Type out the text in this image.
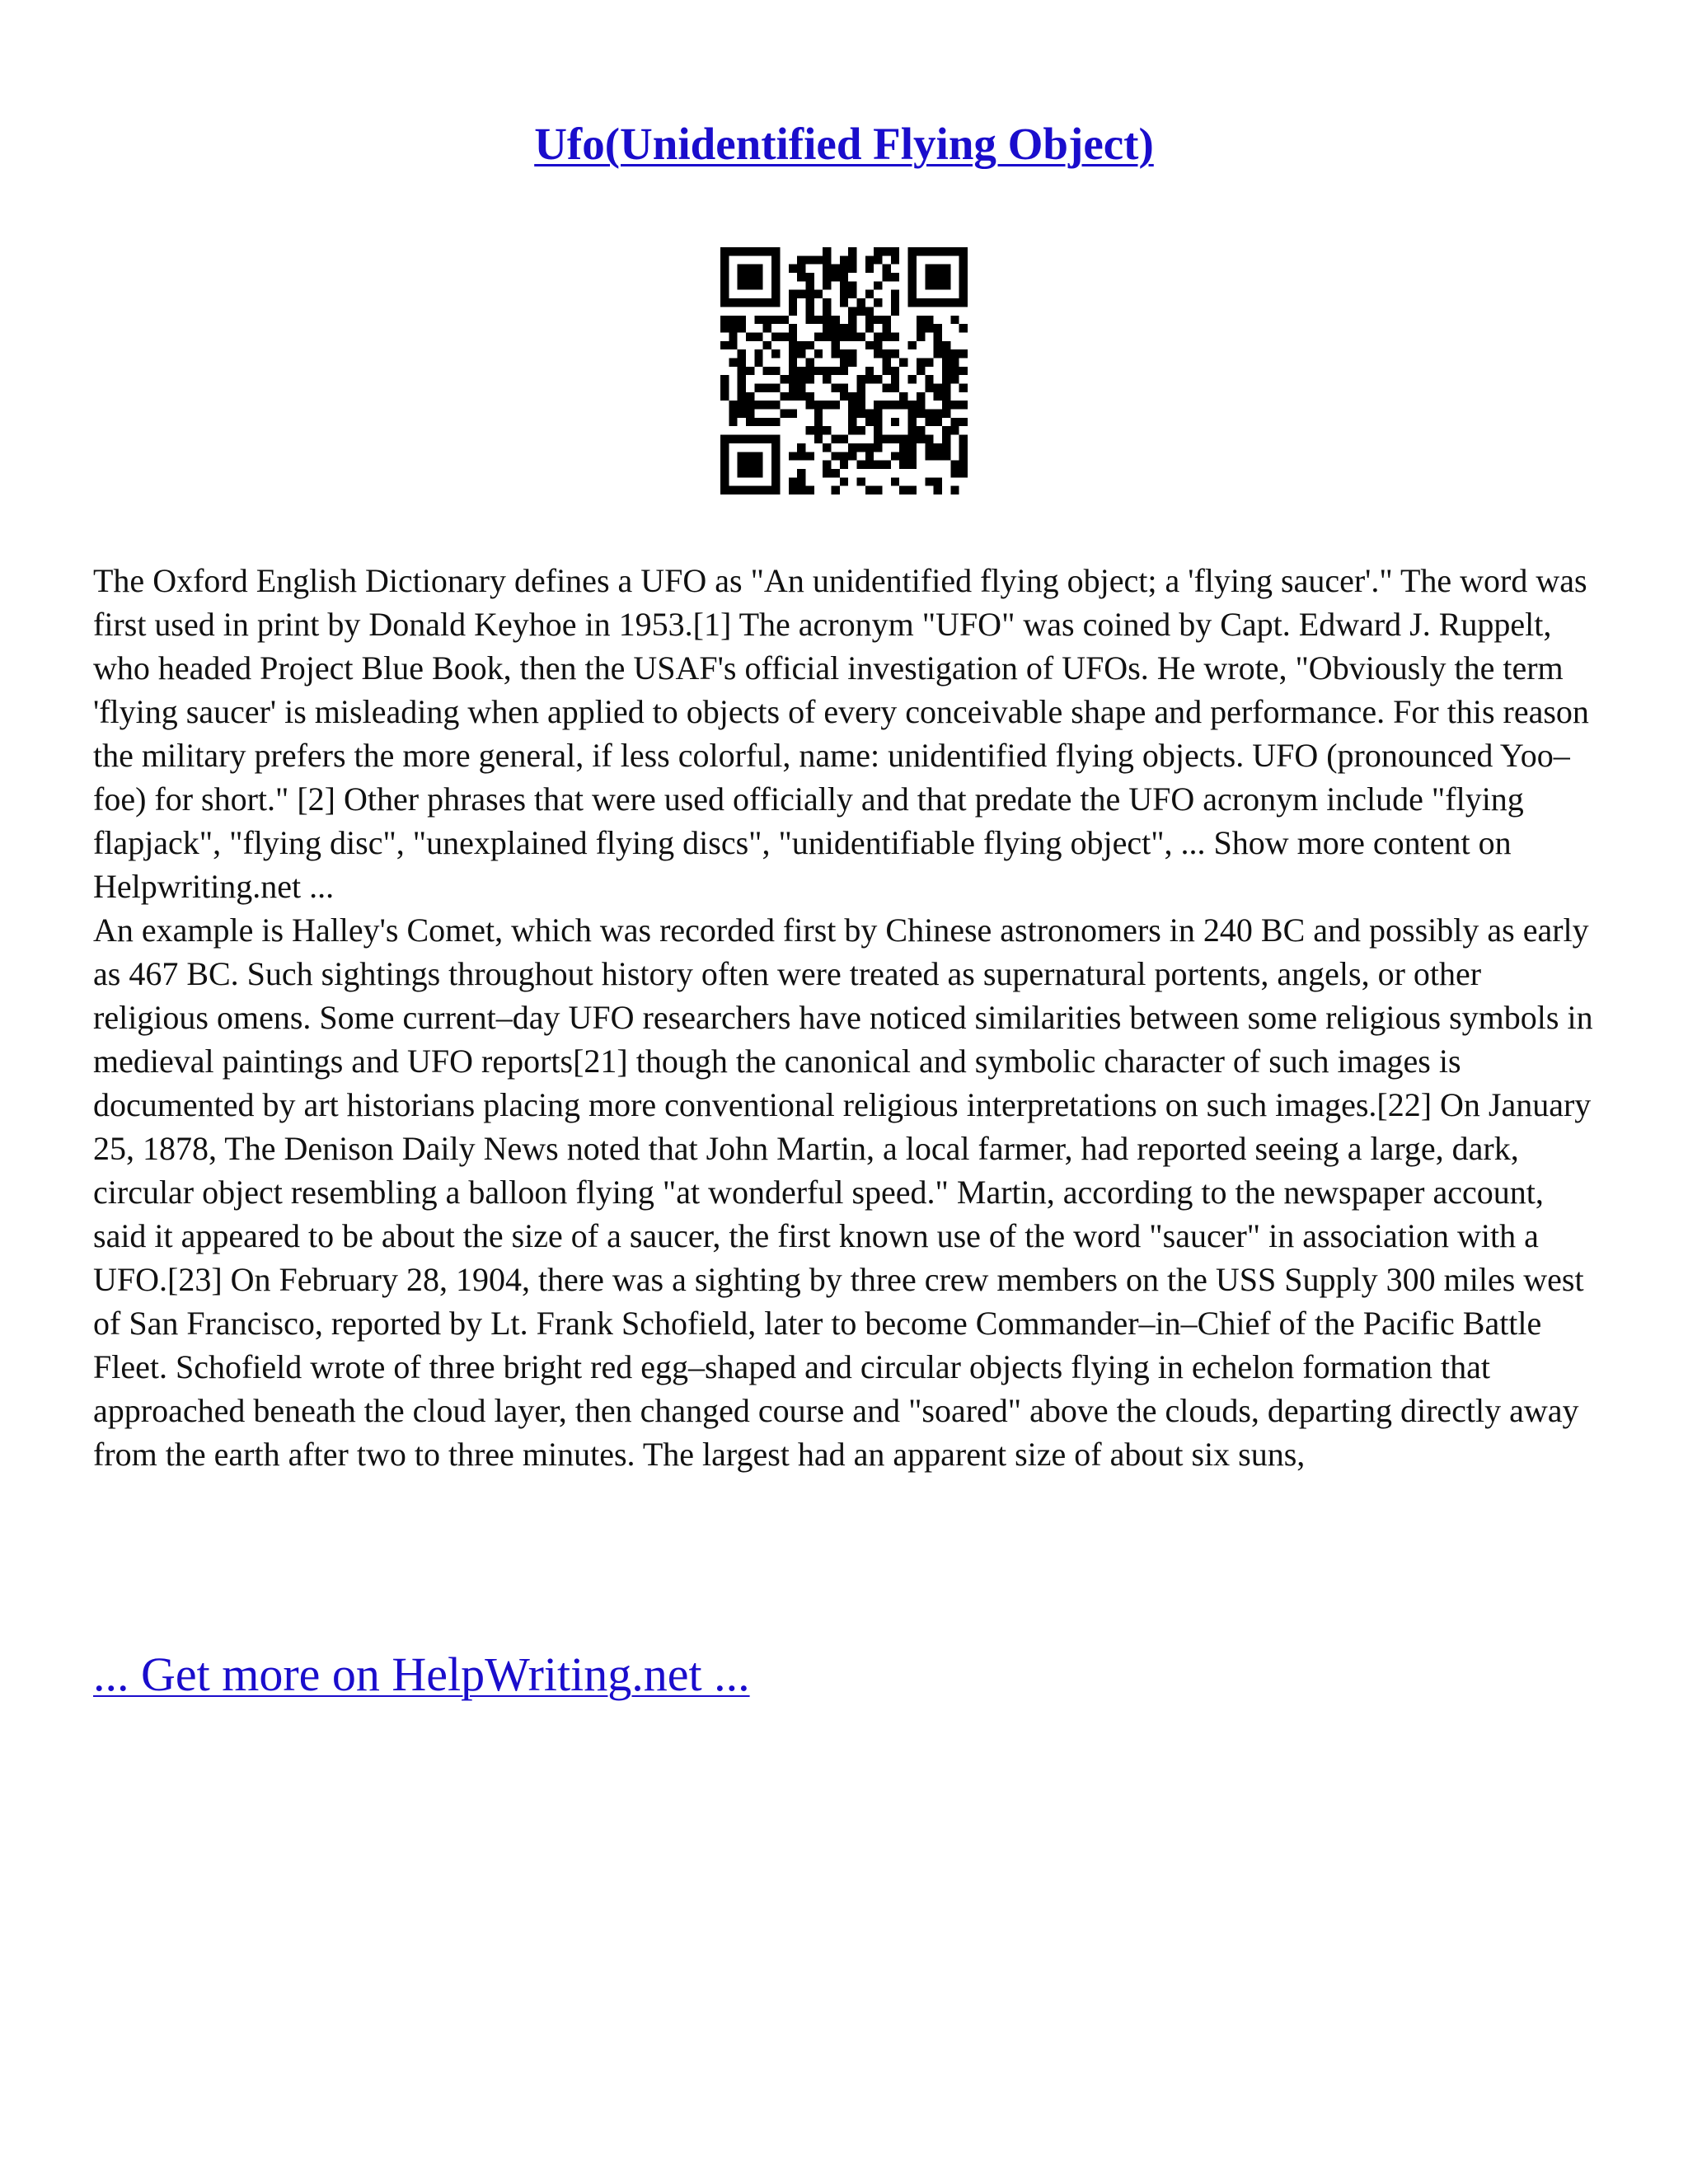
Ufo(Unidentified Flying Object)

The Oxford English Dictionary defines a UFO as "An unidentified flying object; a 'flying saucer'." The word was first used in print by Donald Keyhoe in 1953.[1] The acronym "UFO" was coined by Capt. Edward J. Ruppelt, who headed Project Blue Book, then the USAF's official investigation of UFOs. He wrote, "Obviously the term 'flying saucer' is misleading when applied to objects of every conceivable shape and performance. For this reason the military prefers the more general, if less colorful, name: unidentified flying objects. UFO (pronounced Yoo–foe) for short." [2] Other phrases that were used officially and that predate the UFO acronym include "flying flapjack", "flying disc", "unexplained flying discs", "unidentifiable flying object", ... Show more content on Helpwriting.net ...

An example is Halley's Comet, which was recorded first by Chinese astronomers in 240 BC and possibly as early as 467 BC. Such sightings throughout history often were treated as supernatural portents, angels, or other religious omens. Some current–day UFO researchers have noticed similarities between some religious symbols in medieval paintings and UFO reports[21] though the canonical and symbolic character of such images is documented by art historians placing more conventional religious interpretations on such images.[22] On January 25, 1878, The Denison Daily News noted that John Martin, a local farmer, had reported seeing a large, dark, circular object resembling a balloon flying "at wonderful speed." Martin, according to the newspaper account, said it appeared to be about the size of a saucer, the first known use of the word "saucer" in association with a UFO.[23] On February 28, 1904, there was a sighting by three crew members on the USS Supply 300 miles west of San Francisco, reported by Lt. Frank Schofield, later to become Commander–in–Chief of the Pacific Battle Fleet. Schofield wrote of three bright red egg–shaped and circular objects flying in echelon formation that approached beneath the cloud layer, then changed course and "soared" above the clouds, departing directly away from the earth after two to three minutes. The largest had an apparent size of about six suns,

... Get more on HelpWriting.net ...
